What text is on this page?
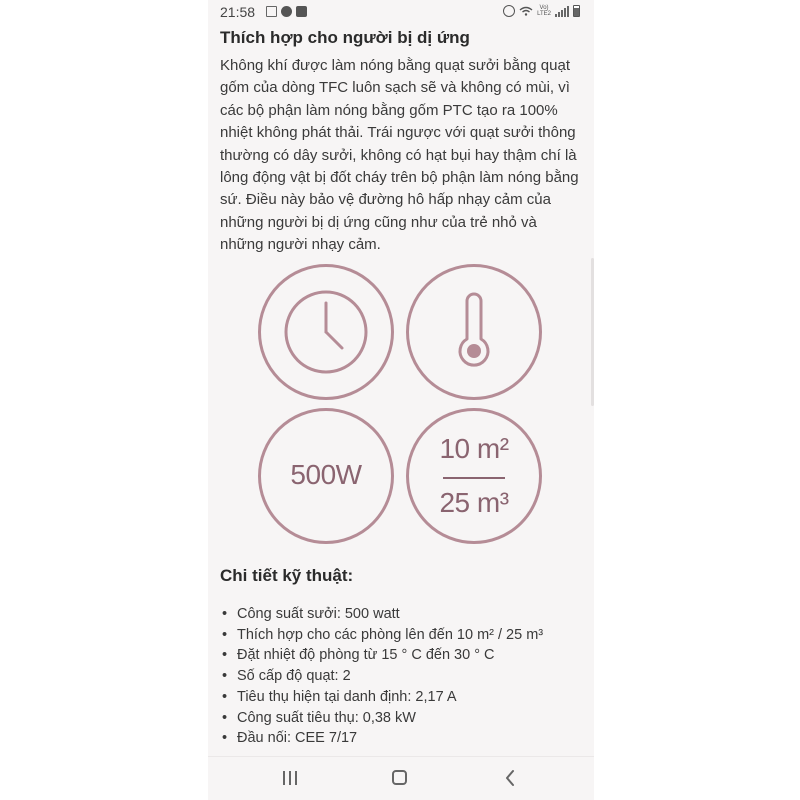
21:58	Vo)
LTE2
Thích hợp cho người bị dị ứng

Không khí được làm nóng bằng quạt sưởi bằng quạt gốm của dòng TFC luôn sạch sẽ và không có mùi, vì các bộ phận làm nóng bằng gốm PTC tạo ra 100% nhiệt không phát thải. Trái ngược với quạt sưởi thông thường có dây sưởi, không có hạt bụi hay thậm chí là lông động vật bị đốt cháy trên bộ phận làm nóng bằng sứ. Điều này bảo vệ đường hô hấp nhạy cảm của những người bị dị ứng cũng như của trẻ nhỏ và những người nhạy cảm.

500W
10 m²
25 m³
Chi tiết kỹ thuật:
• Công suất sưởi: 500 watt
• Thích hợp cho các phòng lên đến 10 m² / 25 m³
• Đặt nhiệt độ phòng từ 15 ° C đến 30 ° C
• Số cấp độ quạt: 2
• Tiêu thụ hiện tại danh định: 2,17 A
• Công suất tiêu thụ: 0,38 kW
• Đầu nối: CEE 7/17
